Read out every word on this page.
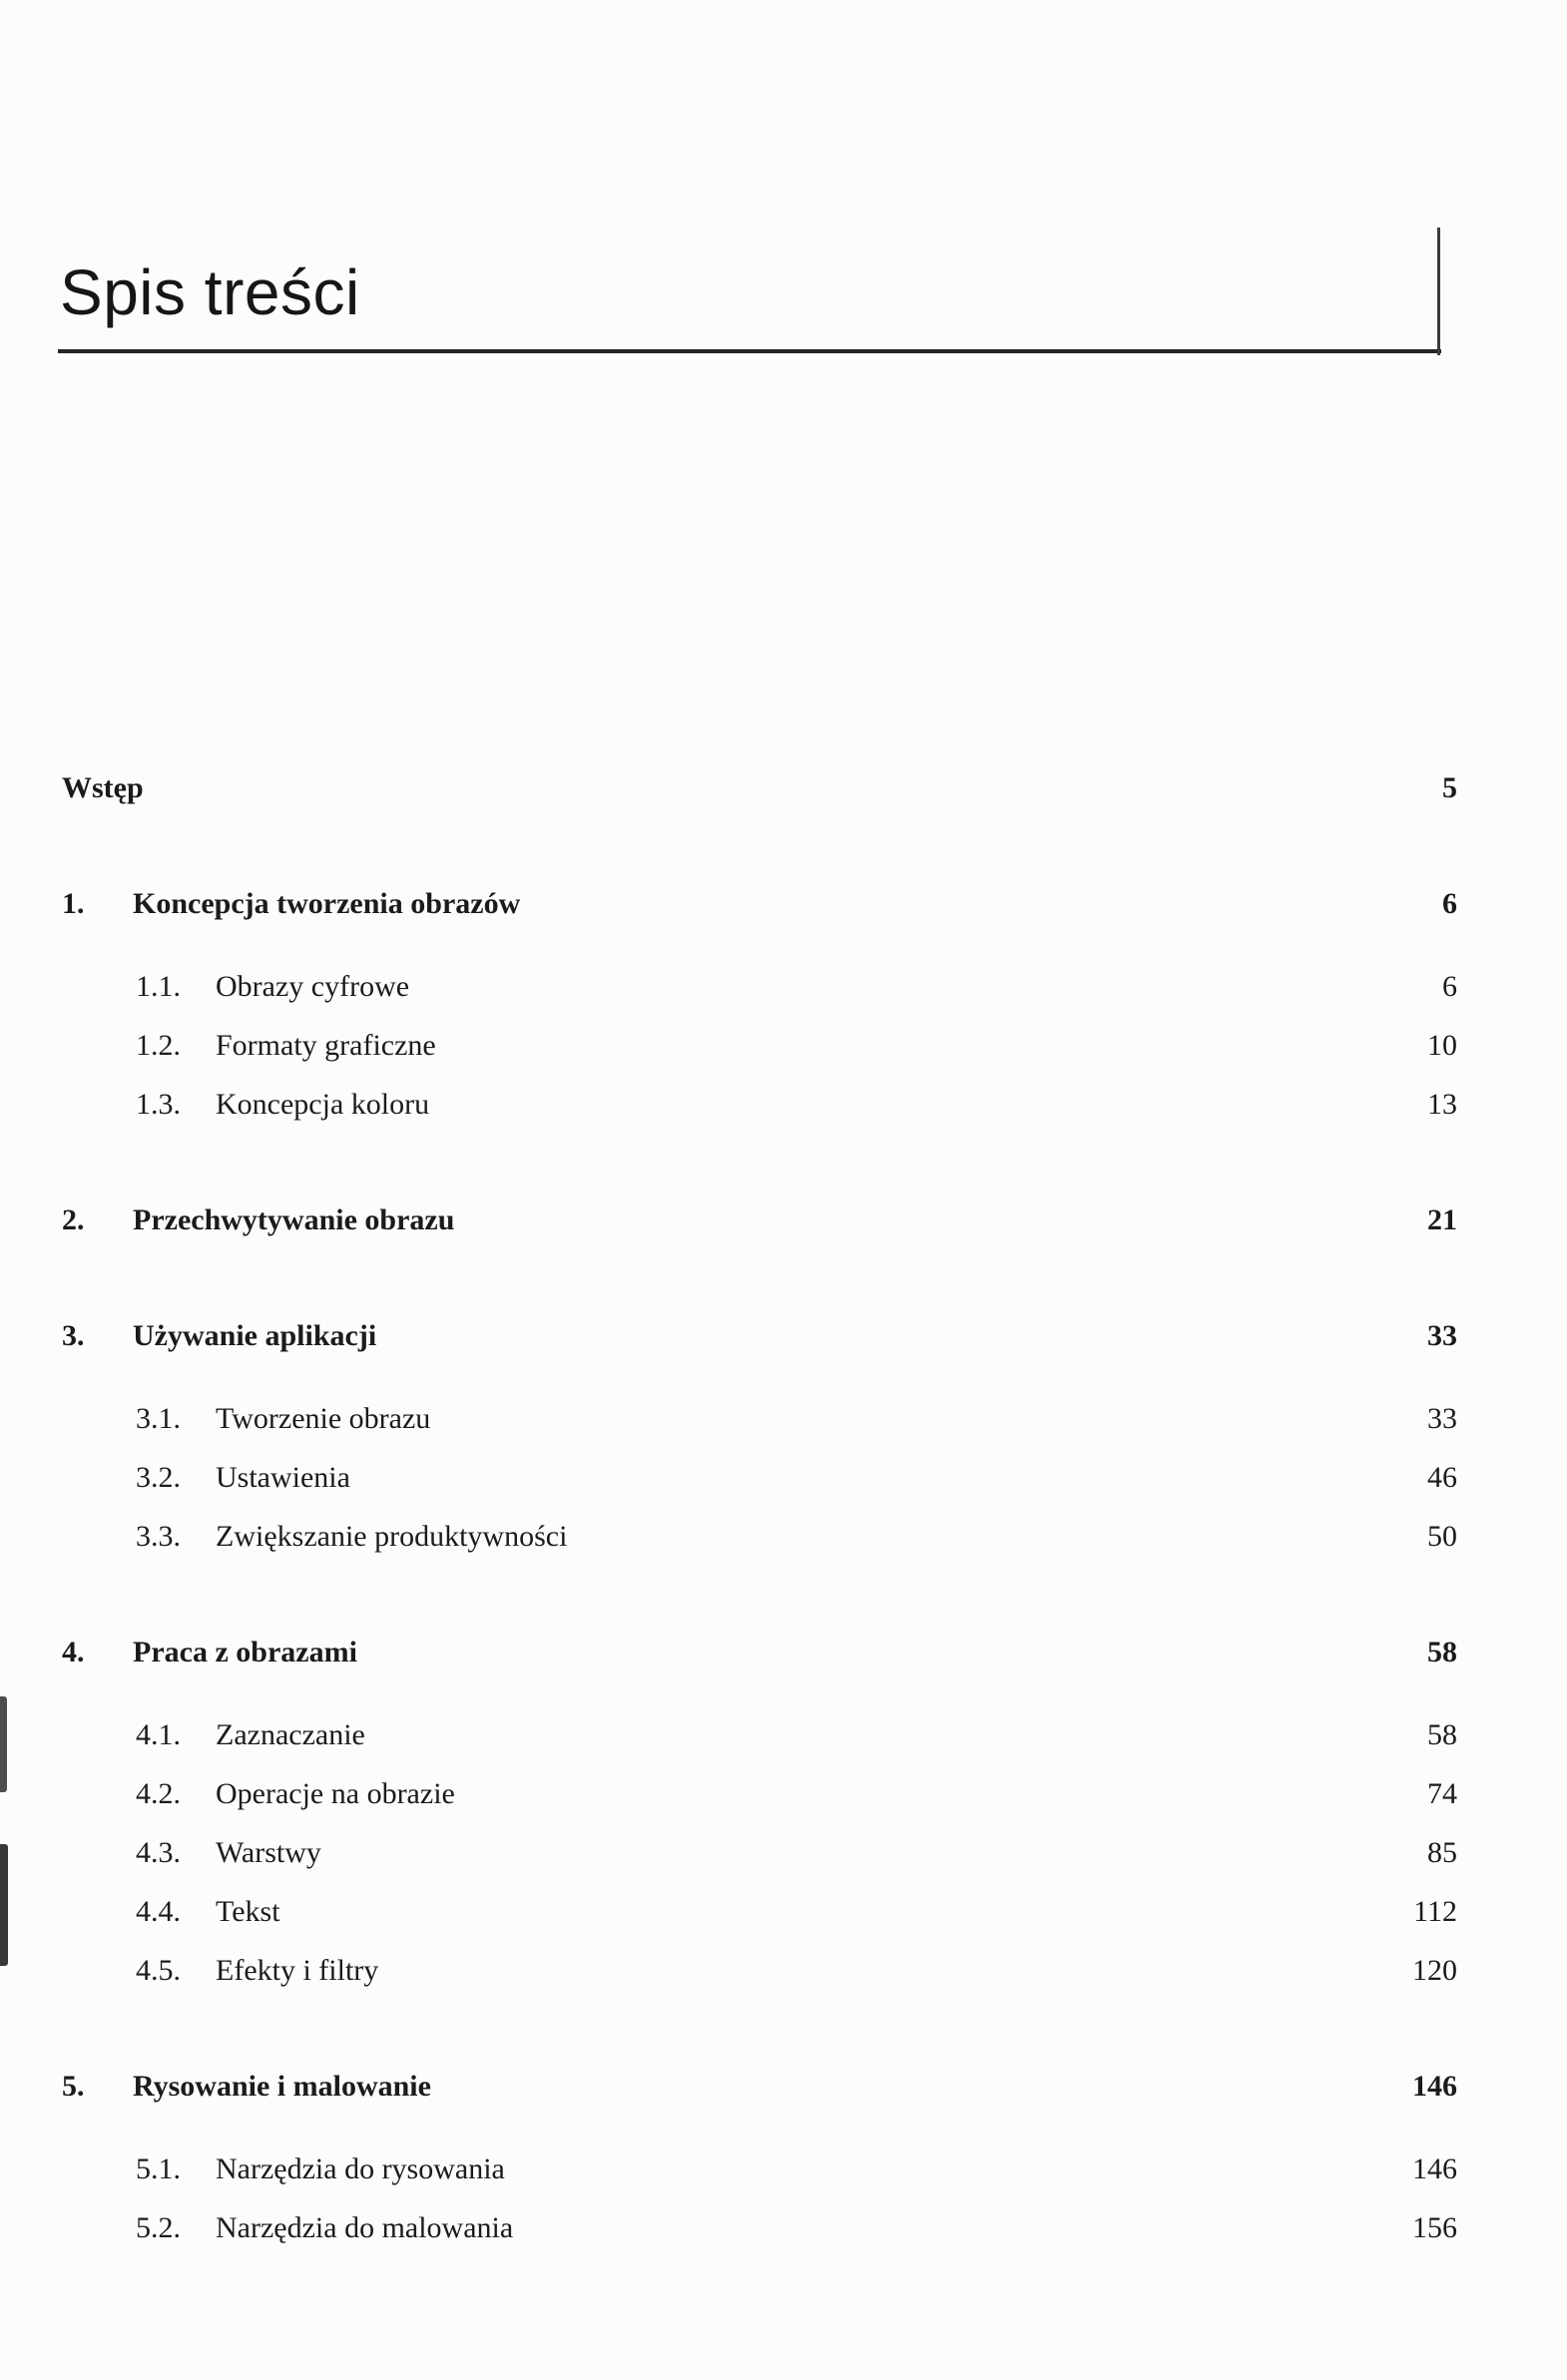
Spis treści
Wstęp .....	5
1.	Koncepcja tworzenia obrazów .....	6
1.1.	Obrazy cyfrowe .....	6
1.2.	Formaty graficzne .....	10
1.3.	Koncepcja koloru .....	13
2.	Przechwytywanie obrazu .....	21
3.	Używanie aplikacji .....	33
3.1.	Tworzenie obrazu .....	33
3.2.	Ustawienia .....	46
3.3.	Zwiększanie produktywności .....	50
4.	Praca z obrazami .....	58
4.1.	Zaznaczanie .....	58
4.2.	Operacje na obrazie .....	74
4.3.	Warstwy .....	85
4.4.	Tekst .....	112
4.5.	Efekty i filtry .....	120
5.	Rysowanie i malowanie .....	146
5.1.	Narzędzia do rysowania .....	146
5.2.	Narzędzia do malowania .....	156
